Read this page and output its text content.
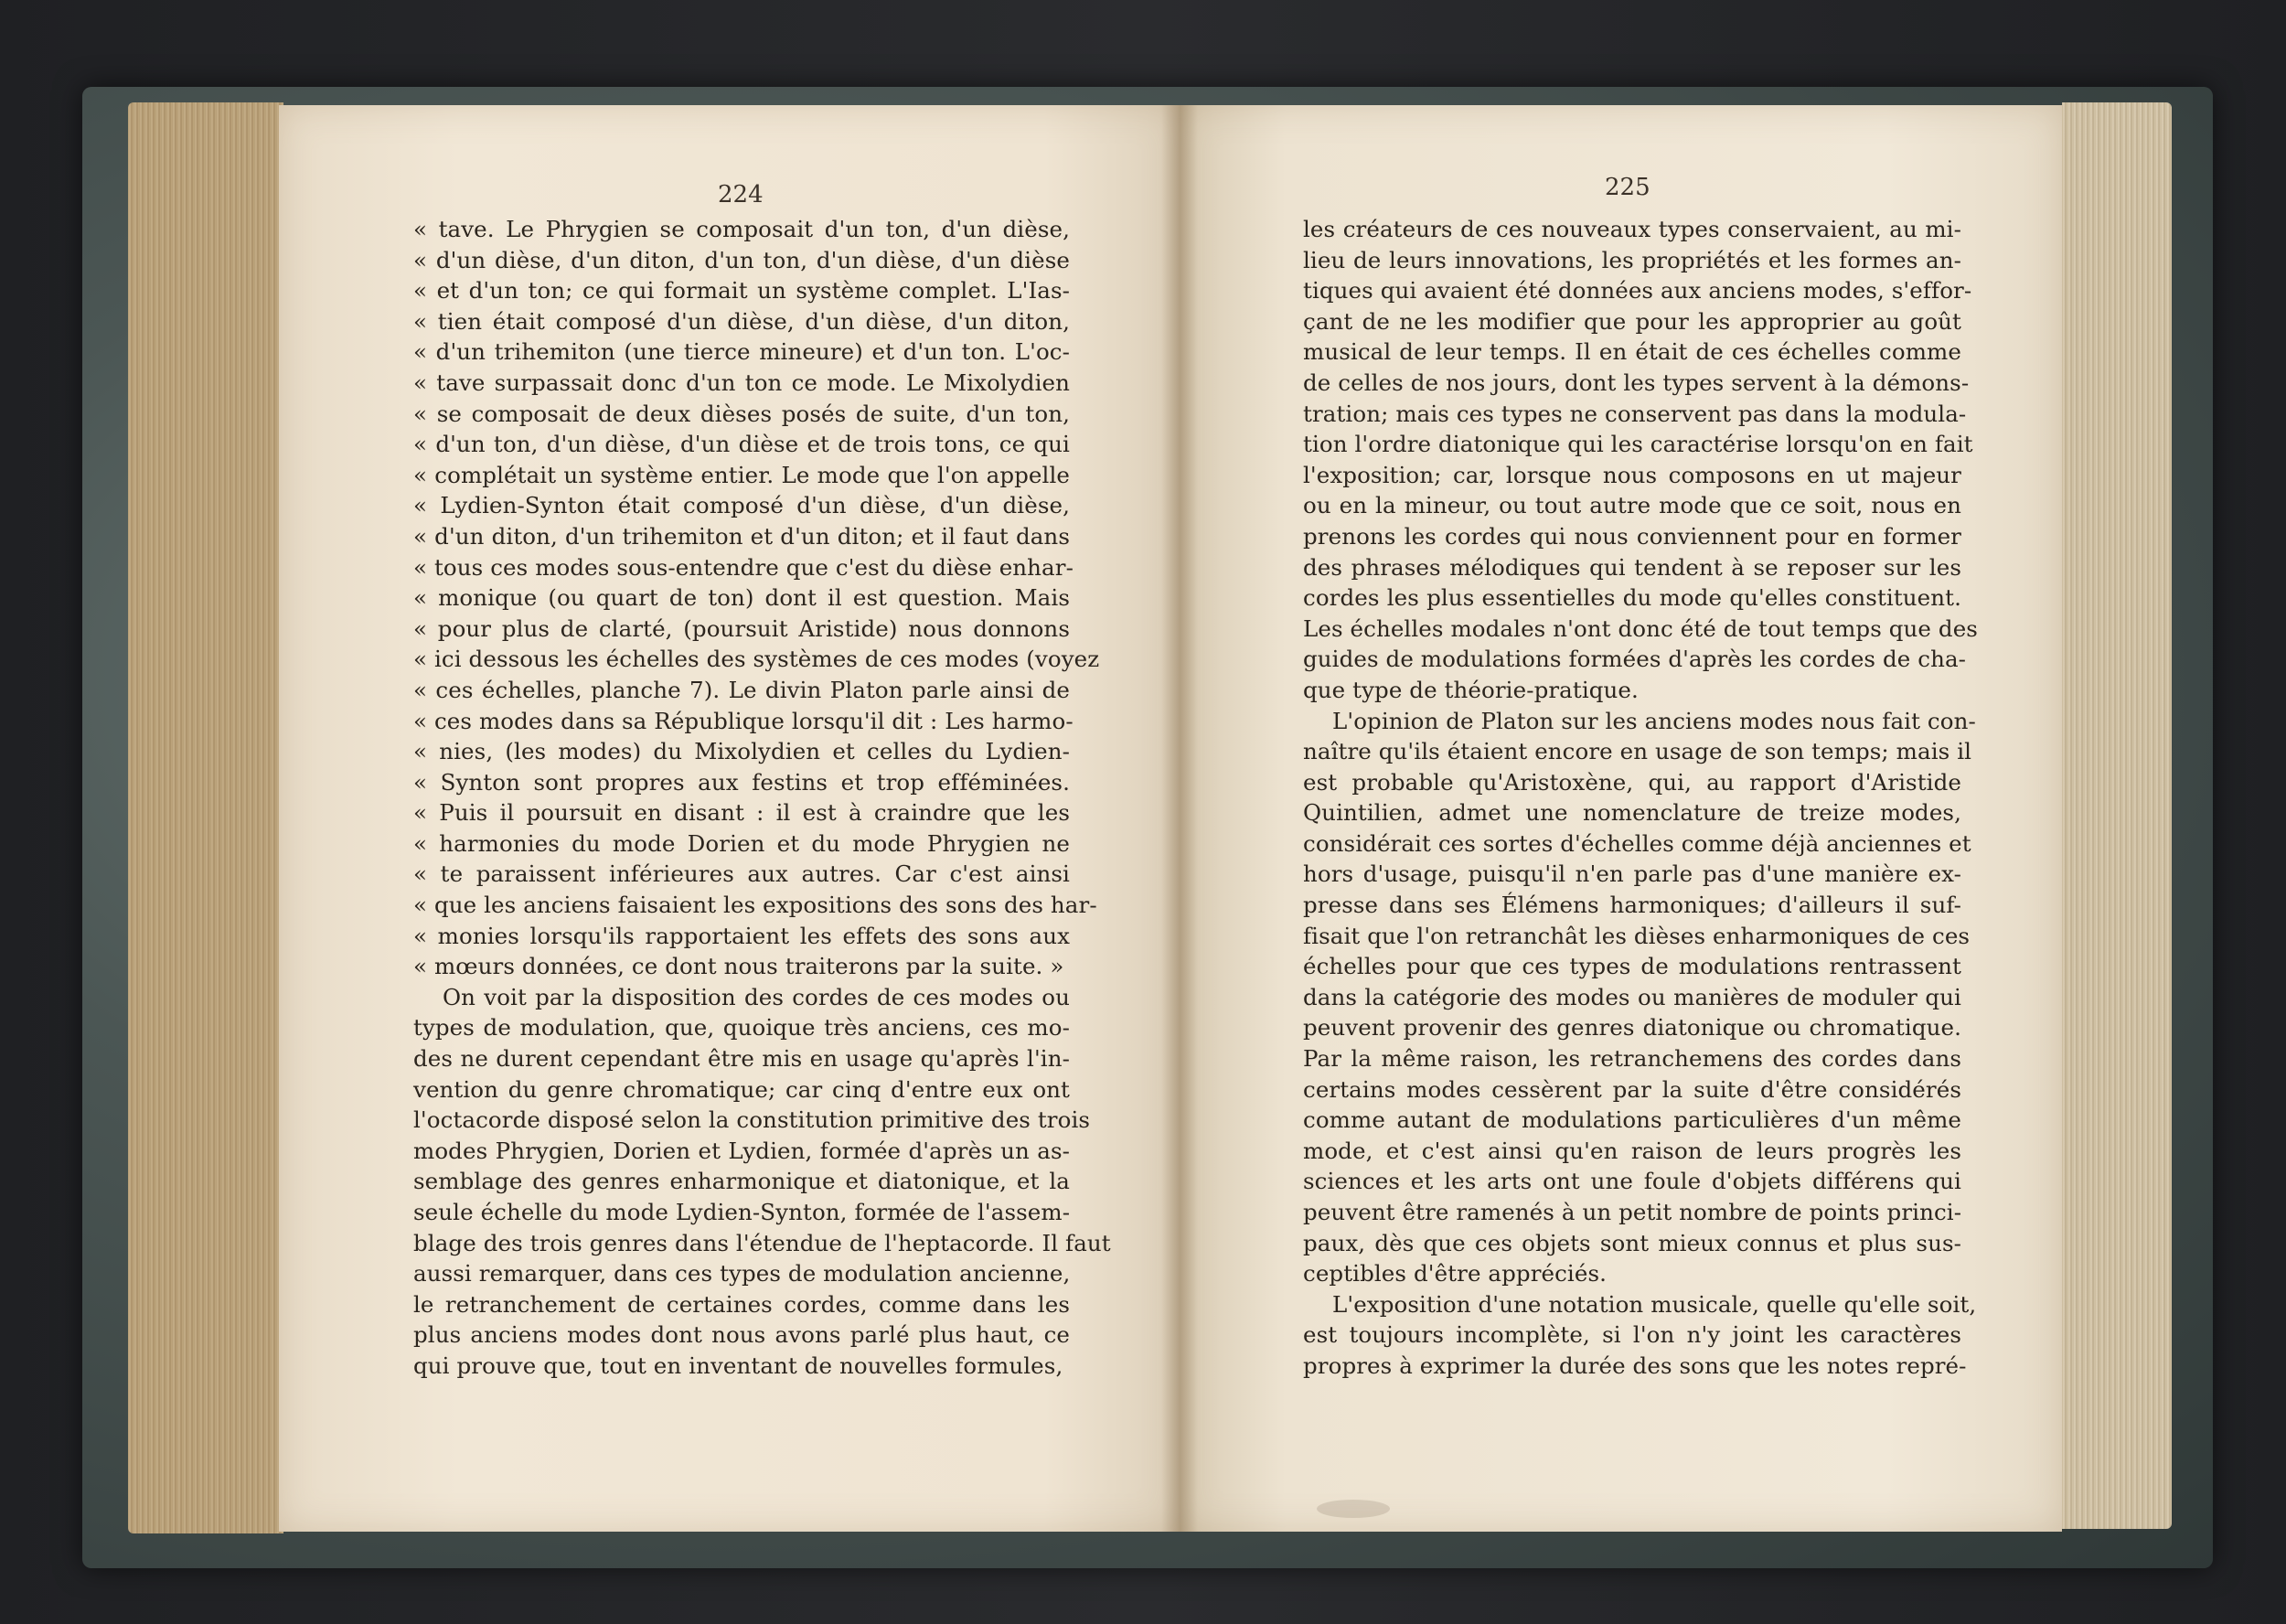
224	225
« tave. Le Phrygien se composait d'un ton, d'un dièse,
« d'un dièse, d'un diton, d'un ton, d'un dièse, d'un dièse
« et d'un ton; ce qui formait un système complet. L'Ias-
« tien était composé d'un dièse, d'un dièse, d'un diton,
« d'un trihemiton (une tierce mineure) et d'un ton. L'oc-
« tave surpassait donc d'un ton ce mode. Le Mixolydien
« se composait de deux dièses posés de suite, d'un ton,
« d'un ton, d'un dièse, d'un dièse et de trois tons, ce qui
« complétait un système entier. Le mode que l'on appelle
« Lydien-Synton était composé d'un dièse, d'un dièse,
« d'un diton, d'un trihemiton et d'un diton; et il faut dans
« tous ces modes sous-entendre que c'est du dièse enhar-
« monique (ou quart de ton) dont il est question. Mais
« pour plus de clarté, (poursuit Aristide) nous donnons
« ici dessous les échelles des systèmes de ces modes (voyez
« ces échelles, planche 7). Le divin Platon parle ainsi de
« ces modes dans sa République lorsqu'il dit : Les harmo-
« nies, (les modes) du Mixolydien et celles du Lydien-
« Synton sont propres aux festins et trop efféminées.
« Puis il poursuit en disant : il est à craindre que les
« harmonies du mode Dorien et du mode Phrygien ne
« te paraissent inférieures aux autres. Car c'est ainsi
« que les anciens faisaient les expositions des sons des har-
« monies lorsqu'ils rapportaient les effets des sons aux
« mœurs données, ce dont nous traiterons par la suite. »
On voit par la disposition des cordes de ces modes ou
types de modulation, que, quoique très anciens, ces mo-
des ne durent cependant être mis en usage qu'après l'in-
vention du genre chromatique; car cinq d'entre eux ont
l'octacorde disposé selon la constitution primitive des trois
modes Phrygien, Dorien et Lydien, formée d'après un as-
semblage des genres enharmonique et diatonique, et la
seule échelle du mode Lydien-Synton, formée de l'assem-
blage des trois genres dans l'étendue de l'heptacorde. Il faut
aussi remarquer, dans ces types de modulation ancienne,
le retranchement de certaines cordes, comme dans les
plus anciens modes dont nous avons parlé plus haut, ce
qui prouve que, tout en inventant de nouvelles formules,
les créateurs de ces nouveaux types conservaient, au mi-
lieu de leurs innovations, les propriétés et les formes an-
tiques qui avaient été données aux anciens modes, s'effor-
çant de ne les modifier que pour les approprier au goût
musical de leur temps. Il en était de ces échelles comme
de celles de nos jours, dont les types servent à la démons-
tration; mais ces types ne conservent pas dans la modula-
tion l'ordre diatonique qui les caractérise lorsqu'on en fait
l'exposition; car, lorsque nous composons en ut majeur
ou en la mineur, ou tout autre mode que ce soit, nous en
prenons les cordes qui nous conviennent pour en former
des phrases mélodiques qui tendent à se reposer sur les
cordes les plus essentielles du mode qu'elles constituent.
Les échelles modales n'ont donc été de tout temps que des
guides de modulations formées d'après les cordes de cha-
que type de théorie-pratique.
L'opinion de Platon sur les anciens modes nous fait con-
naître qu'ils étaient encore en usage de son temps; mais il
est probable qu'Aristoxène, qui, au rapport d'Aristide
Quintilien, admet une nomenclature de treize modes,
considérait ces sortes d'échelles comme déjà anciennes et
hors d'usage, puisqu'il n'en parle pas d'une manière ex-
presse dans ses Élémens harmoniques; d'ailleurs il suf-
fisait que l'on retranchât les dièses enharmoniques de ces
échelles pour que ces types de modulations rentrassent
dans la catégorie des modes ou manières de moduler qui
peuvent provenir des genres diatonique ou chromatique.
Par la même raison, les retranchemens des cordes dans
certains modes cessèrent par la suite d'être considérés
comme autant de modulations particulières d'un même
mode, et c'est ainsi qu'en raison de leurs progrès les
sciences et les arts ont une foule d'objets différens qui
peuvent être ramenés à un petit nombre de points princi-
paux, dès que ces objets sont mieux connus et plus sus-
ceptibles d'être appréciés.
L'exposition d'une notation musicale, quelle qu'elle soit,
est toujours incomplète, si l'on n'y joint les caractères
propres à exprimer la durée des sons que les notes repré-
